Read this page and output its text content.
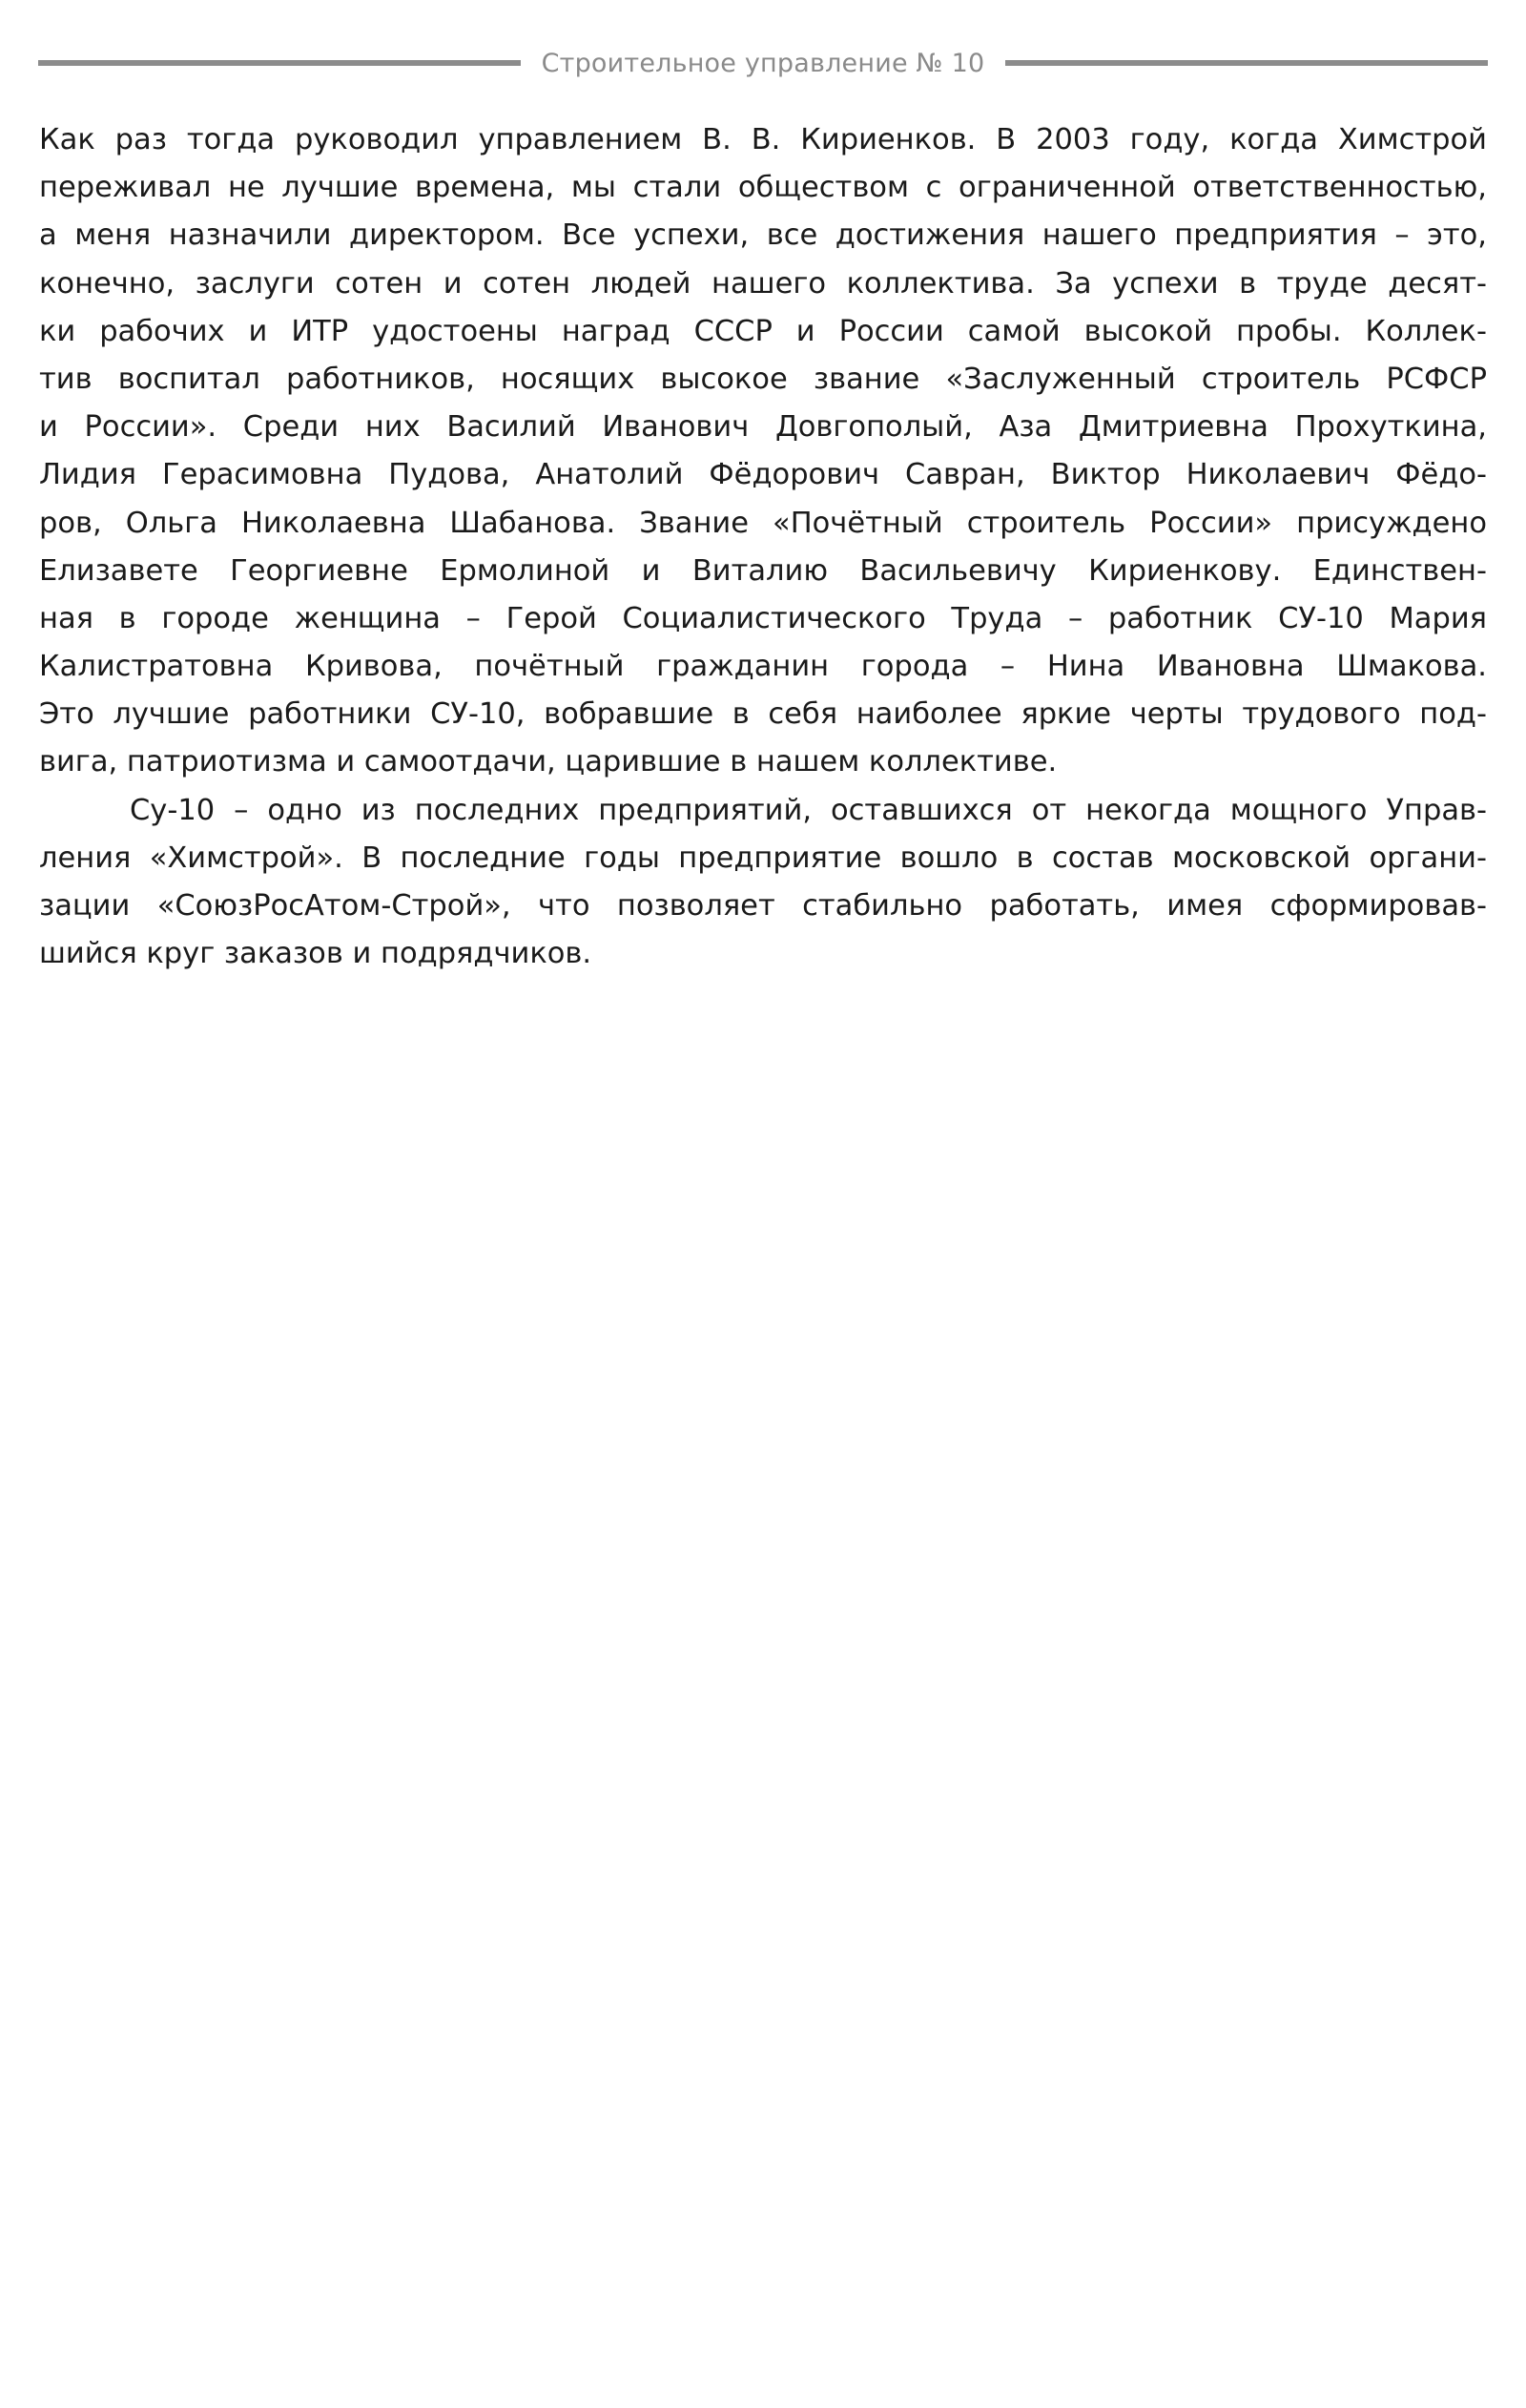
Строительное управление № 10
Как раз тогда руководил управлением В. В. Кириенков. В 2003 году, когда Химстрой
переживал не лучшие времена, мы стали обществом с ограниченной ответственностью,
а меня назначили директором. Все успехи, все достижения нашего предприятия – это,
конечно, заслуги сотен и сотен людей нашего коллектива. За успехи в труде десят-
ки рабочих и ИТР удостоены наград СССР и России самой высокой пробы. Коллек-
тив воспитал работников, носящих высокое звание «Заслуженный строитель РСФСР
и России». Среди них Василий Иванович Довгополый, Аза Дмитриевна Прохуткина,
Лидия Герасимовна Пудова, Анатолий Фёдорович Савран, Виктор Николаевич Фёдо-
ров, Ольга Николаевна Шабанова. Звание «Почётный строитель России» присуждено
Елизавете Георгиевне Ермолиной и Виталию Васильевичу Кириенкову. Единствен-
ная в городе женщина – Герой Социалистического Труда – работник СУ-10 Мария
Калистратовна Кривова, почётный гражданин города – Нина Ивановна Шмакова.
Это лучшие работники СУ-10, вобравшие в себя наиболее яркие черты трудового под-
вига, патриотизма и самоотдачи, царившие в нашем коллективе.
Су-10 – одно из последних предприятий, оставшихся от некогда мощного Управ-
ления «Химстрой». В последние годы предприятие вошло в состав московской органи-
зации «СоюзРосАтом-Строй», что позволяет стабильно работать, имея сформировав-
шийся круг заказов и подрядчиков.
